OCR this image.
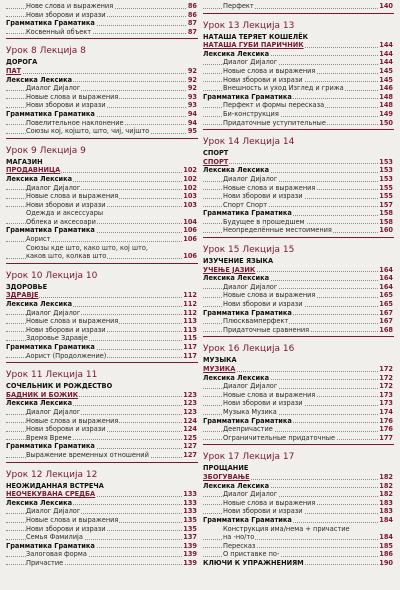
Нове слова и выражения	86
Нови зборови и изрази	86
Грамматика Граматика	87
Косвенный объект	87
Урок 8 Лекција 8
ДОРОГА
ПАТ	92
Лексика Лексика	92
Диалог Дијалог	92
Новые слова и выражения	93
Нови зборови и изрази	93
Грамматика Граматика	94
Повелительное наклонение	94
Союзы кој, којшто, што, чиј, чијшто	95
Урок 9 Лекција 9
МАГАЗИН
ПРОДАВНИЦА	102
Лексика Лексика	102
Диалог Дијалог	102
Новые слова и выражения	103
Нови зборови и изрази	103
Одежда и аксессуары
Облека и аксесоари	104
Грамматика Граматика	106
Аорист	106
Союзы кде што, како што, кој што,
каков што, колкав што	106
Урок 10 Лекција 10
ЗДОРОВЬЕ
ЗДРАВЈЕ	112
Лексика Лексика	112
Диалог Дијалог	112
Новые слова и выражения	113
Нови зборови и изрази	113
Здоровье Здравје	115
Грамматика Граматика	117
Аорист (Продолжение)	117
Урок 11 Лекција 11
СОЧЕЛЬНИК И РОЖДЕСТВО
БАДНИК И БОЖИК	123
Лексика Лексика	123
Диалог Дијалог	123
Новые слова и выражения	124
Нови зборови и изрази	124
Время Време	125
Грамматика Граматика	127
Выражение временных отношений	127
Урок 12 Лекција 12
НЕОЖИДАННАЯ ВСТРЕЧА
НЕОЧЕКУВАНА СРЕДБА	133
Лексика Лексика	133
Диалог Дијалог	133
Новые слова и выражения	135
Нови зборови и изрази	135
Семья Фамилија	137
Грамматика Граматика	139
Залоговая форма	139
Причастие	139
Перфект	140
Урок 13 Лекција 13
НАТАША ТЕРЯЕТ КОШЕЛЁК
НАТАША ГУБИ ПАРИЧНИК	144
Лексика Лексика	144
Диалог Дијалог	144
Новые слова и выражения	145
Нови зборови и изрази	145
Внешность и уход Изглед и грижа	146
Грамматика Граматика	148
Перфект и формы пересказа	148
Би-конструкция	149
Придаточные уступительные	150
Урок 14 Лекција 14
СПОРТ
СПОРТ	153
Лексика Лексика	153
Диалог Дијалог	153
Новые слова и выражения	155
Нови зборови и изрази	155
Спорт Спорт	157
Грамматика Граматика	158
Будущее в прошедшем	158
Неопределённые местоимения	160
Урок 15 Лекција 15
ИЗУЧЕНИЕ ЯЗЫКА
УЧЕЊЕ ЈАЗИК	164
Лексика Лексика	164
Диалог Дијалог	164
Новые слова и выражения	165
Нови зборови и изрази	165
Грамматика Граматика	167
Плюсквамперфект	167
Придаточные сравнения	168
Урок 16 Лекција 16
МУЗЫКА
МУЗИКА	172
Лексика Лексика	172
Диалог Дијалог	172
Новые слова и выражения	173
Нови зборови и изрази	173
Музыка Музика	174
Грамматика Граматика	176
Деепричастие	176
Ограничительные придаточные	177
Урок 17 Лекција 17
ПРОЩАНИЕ
ЗБОГУВАЊЕ	182
Лексика Лексика	182
Диалог Дијалог	182
Новые слова и выражения	183
Нови зборови и изрази	183
Грамматика Граматика	184
Конструкция има/нема + причастие
на -но/то	184
Пересказ	185
О приставке по-	186
КЛЮЧИ К УПРАЖНЕНИЯМ	190
